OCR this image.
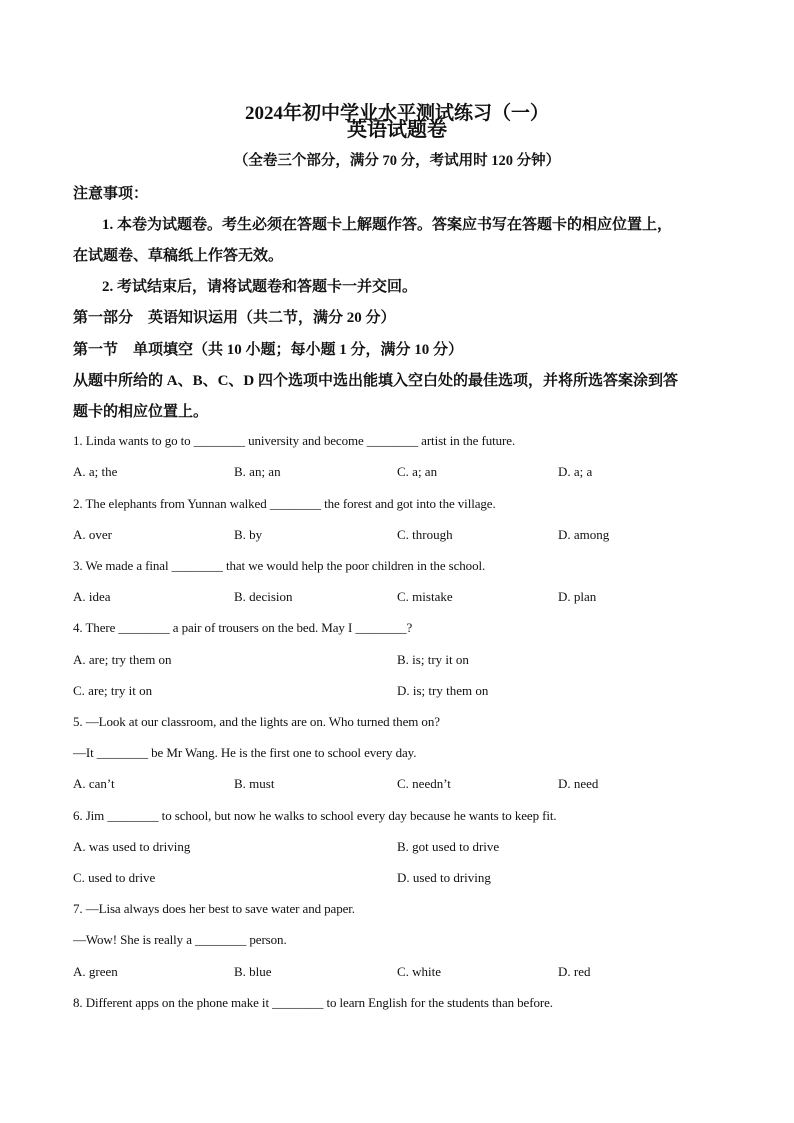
2024年初中学业水平测试练习（一）
英语试题卷
（全卷三个部分，满分 70 分，考试用时 120 分钟）
注意事项：
1. 本卷为试题卷。考生必须在答题卡上解题作答。答案应书写在答题卡的相应位置上，
在试题卷、草稿纸上作答无效。
2. 考试结束后，请将试题卷和答题卡一并交回。
第一部分　英语知识运用（共二节，满分 20 分）
第一节　单项填空（共 10 小题；每小题 1 分，满分 10 分）
从题中所给的 A、B、C、D 四个选项中选出能填入空白处的最佳选项，并将所选答案涂到答
题卡的相应位置上。
1. Linda wants to go to ________ university and become ________ artist in the future.
A. a; the	B. an; an	C. a; an	D. a; a
2. The elephants from Yunnan walked ________ the forest and got into the village.
A. over	B. by	C. through	D. among
3. We made a final ________ that we would help the poor children in the school.
A. idea	B. decision	C. mistake	D. plan
4. There ________ a pair of trousers on the bed. May I ________?
A. are; try them on	B. is; try it on
C. are; try it on	D. is; try them on
5. —Look at our classroom, and the lights are on. Who turned them on?
—It ________ be Mr Wang. He is the first one to school every day.
A. can’t	B. must	C. needn’t	D. need
6. Jim ________ to school, but now he walks to school every day because he wants to keep fit.
A. was used to driving	B. got used to drive
C. used to drive	D. used to driving
7. —Lisa always does her best to save water and paper.
—Wow! She is really a ________ person.
A. green	B. blue	C. white	D. red
8. Different apps on the phone make it ________ to learn English for the students than before.
